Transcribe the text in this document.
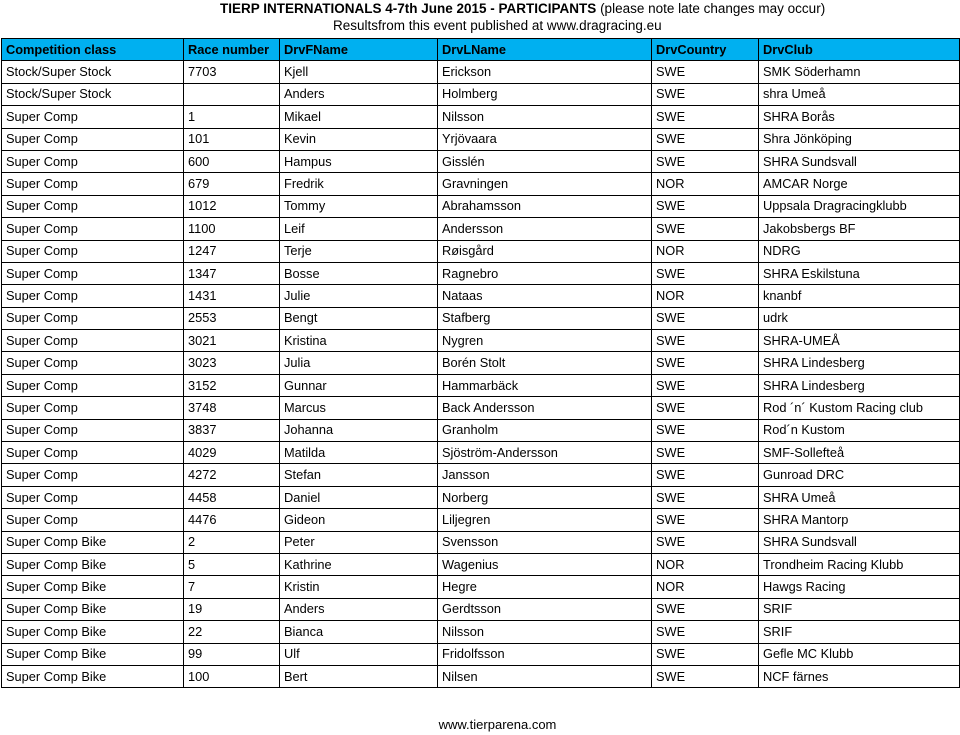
TIERP INTERNATIONALS 4-7th June 2015 - PARTICIPANTS (please note late changes may occur)
Resultsfrom this event published at www.dragracing.eu
Competition class	Race number	DrvFName	DrvLName	DrvCountry	DrvClub
Stock/Super Stock	7703	Kjell	Erickson	SWE	SMK Söderhamn
Stock/Super Stock		Anders	Holmberg	SWE	shra Umeå
Super Comp	1	Mikael	Nilsson	SWE	SHRA Borås
Super Comp	101	Kevin	Yrjövaara	SWE	Shra Jönköping
Super Comp	600	Hampus	Gisslén	SWE	SHRA Sundsvall
Super Comp	679	Fredrik	Gravningen	NOR	AMCAR Norge
Super Comp	1012	Tommy	Abrahamsson	SWE	Uppsala Dragracingklubb
Super Comp	1100	Leif	Andersson	SWE	Jakobsbergs BF
Super Comp	1247	Terje	Røisgård	NOR	NDRG
Super Comp	1347	Bosse	Ragnebro	SWE	SHRA Eskilstuna
Super Comp	1431	Julie	Nataas	NOR	knanbf
Super Comp	2553	Bengt	Stafberg	SWE	udrk
Super Comp	3021	Kristina	Nygren	SWE	SHRA-UMEÅ
Super Comp	3023	Julia	Borén Stolt	SWE	SHRA Lindesberg
Super Comp	3152	Gunnar	Hammarbäck	SWE	SHRA Lindesberg
Super Comp	3748	Marcus	Back Andersson	SWE	Rod ´n´ Kustom Racing club
Super Comp	3837	Johanna	Granholm	SWE	Rod´n Kustom
Super Comp	4029	Matilda	Sjöström-Andersson	SWE	SMF-Sollefteå
Super Comp	4272	Stefan	Jansson	SWE	Gunroad DRC
Super Comp	4458	Daniel	Norberg	SWE	SHRA Umeå
Super Comp	4476	Gideon	Liljegren	SWE	SHRA Mantorp
Super Comp Bike	2	Peter	Svensson	SWE	SHRA Sundsvall
Super Comp Bike	5	Kathrine	Wagenius	NOR	Trondheim Racing Klubb
Super Comp Bike	7	Kristin	Hegre	NOR	Hawgs Racing
Super Comp Bike	19	Anders	Gerdtsson	SWE	SRIF
Super Comp Bike	22	Bianca	Nilsson	SWE	SRIF
Super Comp Bike	99	Ulf	Fridolfsson	SWE	Gefle MC Klubb
Super Comp Bike	100	Bert	Nilsen	SWE	NCF färnes
www.tierparena.com
